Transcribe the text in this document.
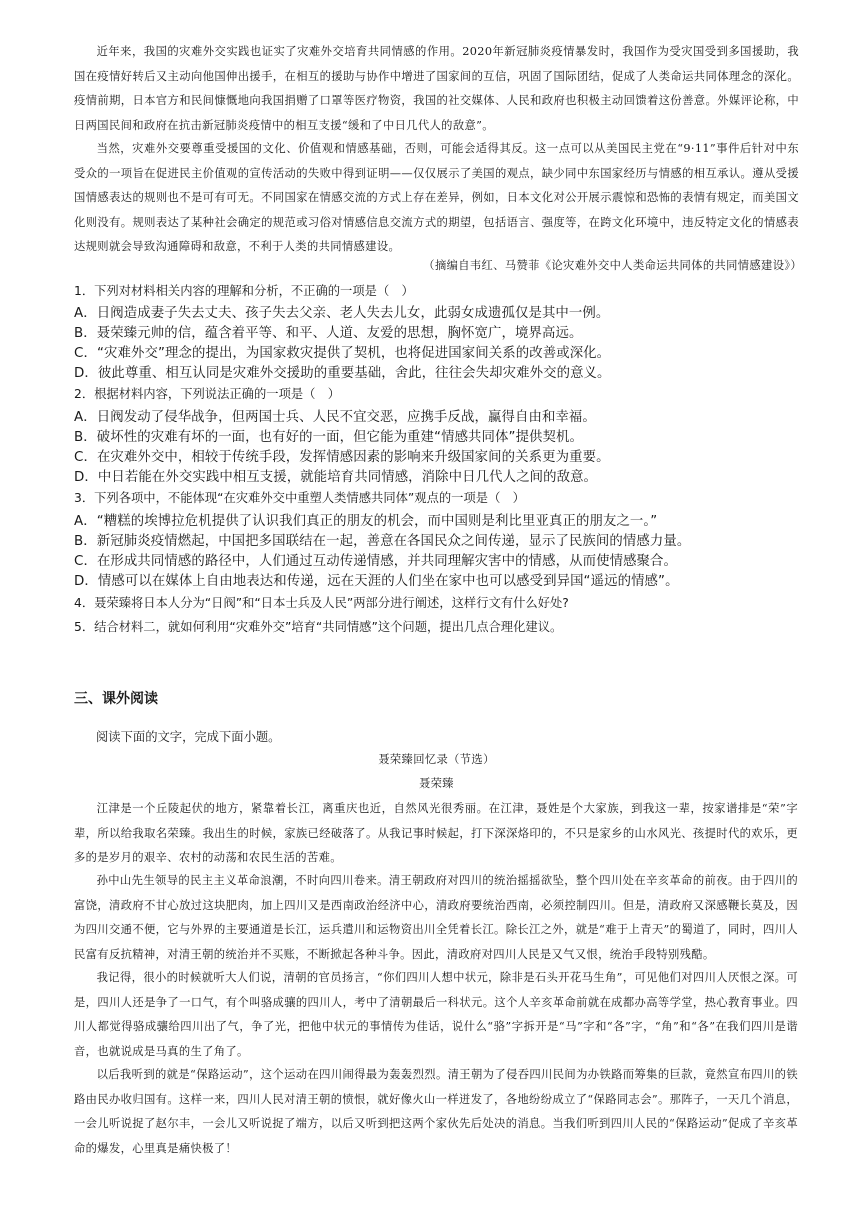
近年来，我国的灾难外交实践也证实了灾难外交培育共同情感的作用。2020年新冠肺炎疫情暴发时，我国作为受灾国受到多国援助，我国在疫情好转后又主动向他国伸出援手，在相互的援助与协作中增进了国家间的互信，巩固了国际团结，促成了人类命运共同体理念的深化。疫情前期，日本官方和民间慷慨地向我国捐赠了口罩等医疗物资，我国的社交媒体、人民和政府也积极主动回馈着这份善意。外媒评论称，中日两国民间和政府在抗击新冠肺炎疫情中的相互支援“缓和了中日几代人的敌意”。

当然，灾难外交要尊重受援国的文化、价值观和情感基础，否则，可能会适得其反。这一点可以从美国民主党在“9·11”事件后针对中东受众的一项旨在促进民主价值观的宣传活动的失败中得到证明——仅仅展示了美国的观点，缺少同中东国家经历与情感的相互承认。遵从受援国情感表达的规则也不是可有可无。不同国家在情感交流的方式上存在差异，例如，日本文化对公开展示震惊和恐怖的表情有规定，而美国文化则没有。规则表达了某种社会确定的规范或习俗对情感信息交流方式的期望，包括语言、强度等，在跨文化环境中，违反特定文化的情感表达规则就会导致沟通障碍和敌意，不利于人类的共同情感建设。

（摘编自韦红、马赞菲《论灾难外交中人类命运共同体的共同情感建设》）

1．下列对材料相关内容的理解和分析，不正确的一项是（　）

A．日阀造成妻子失去丈夫、孩子失去父亲、老人失去儿女，此弱女成遗孤仅是其中一例。

B．聂荣臻元帅的信，蕴含着平等、和平、人道、友爱的思想，胸怀宽广，境界高远。

C．“灾难外交”理念的提出，为国家救灾提供了契机，也将促进国家间关系的改善或深化。

D．彼此尊重、相互认同是灾难外交援助的重要基础，舍此，往往会失却灾难外交的意义。

2．根据材料内容，下列说法正确的一项是（　）

A．日阀发动了侵华战争，但两国士兵、人民不宜交恶，应携手反战，赢得自由和幸福。

B．破坏性的灾难有坏的一面，也有好的一面，但它能为重建“情感共同体”提供契机。

C．在灾难外交中，相较于传统手段，发挥情感因素的影响来升级国家间的关系更为重要。

D．中日若能在外交实践中相互支援，就能培育共同情感，消除中日几代人之间的敌意。

3．下列各项中，不能体现“在灾难外交中重塑人类情感共同体”观点的一项是（　）

A．“糟糕的埃博拉危机提供了认识我们真正的朋友的机会，而中国则是利比里亚真正的朋友之一。”

B．新冠肺炎疫情燃起，中国把多国联结在一起，善意在各国民众之间传递，显示了民族间的情感力量。

C．在形成共同情感的路径中，人们通过互动传递情感，并共同理解灾害中的情感，从而使情感聚合。

D．情感可以在媒体上自由地表达和传递，远在天涯的人们坐在家中也可以感受到异国“遥远的情感”。

4．聂荣臻将日本人分为“日阀”和“日本士兵及人民”两部分进行阐述，这样行文有什么好处?

5．结合材料二，就如何利用“灾难外交”培育“共同情感”这个问题，提出几点合理化建议。

三、课外阅读

阅读下面的文字，完成下面小题。

聂荣臻回忆录（节选）

聂荣臻

江津是一个丘陵起伏的地方，紧靠着长江，离重庆也近，自然风光很秀丽。在江津，聂姓是个大家族，到我这一辈，按家谱排是“荣”字辈，所以给我取名荣臻。我出生的时候，家族已经破落了。从我记事时候起，打下深深烙印的，不只是家乡的山水风光、孩提时代的欢乐，更多的是岁月的艰辛、农村的动荡和农民生活的苦难。

孙中山先生领导的民主主义革命浪潮，不时向四川卷来。清王朝政府对四川的统治摇摇欲坠，整个四川处在辛亥革命的前夜。由于四川的富饶，清政府不甘心放过这块肥肉，加上四川又是西南政治经济中心，清政府要统治西南，必须控制四川。但是，清政府又深感鞭长莫及，因为四川交通不便，它与外界的主要通道是长江，运兵遣川和运物资出川全凭着长江。除长江之外，就是“难于上青天”的蜀道了，同时，四川人民富有反抗精神，对清王朝的统治并不买账，不断掀起各种斗争。因此，清政府对四川人民是又气又恨，统治手段特别残酷。

我记得，很小的时候就听大人们说，清朝的官员扬言，“你们四川人想中状元，除非是石头开花马生角”，可见他们对四川人厌恨之深。可是，四川人还是争了一口气，有个叫骆成骧的四川人，考中了清朝最后一科状元。这个人辛亥革命前就在成都办高等学堂，热心教育事业。四川人都觉得骆成骧给四川出了气，争了光，把他中状元的事情传为佳话，说什么“骆”字拆开是“马”字和“各”字，“角”和“各”在我们四川是谐音，也就说成是马真的生了角了。

以后我听到的就是“保路运动”，这个运动在四川闹得最为轰轰烈烈。清王朝为了侵吞四川民间为办铁路而筹集的巨款，竟然宣布四川的铁路由民办收归国有。这样一来，四川人民对清王朝的愤恨，就好像火山一样迸发了，各地纷纷成立了“保路同志会”。那阵子，一天几个消息，一会儿听说捉了赵尔丰，一会儿又听说捉了端方，以后又听到把这两个家伙先后处决的消息。当我们听到四川人民的“保路运动”促成了辛亥革命的爆发，心里真是痛快极了！
